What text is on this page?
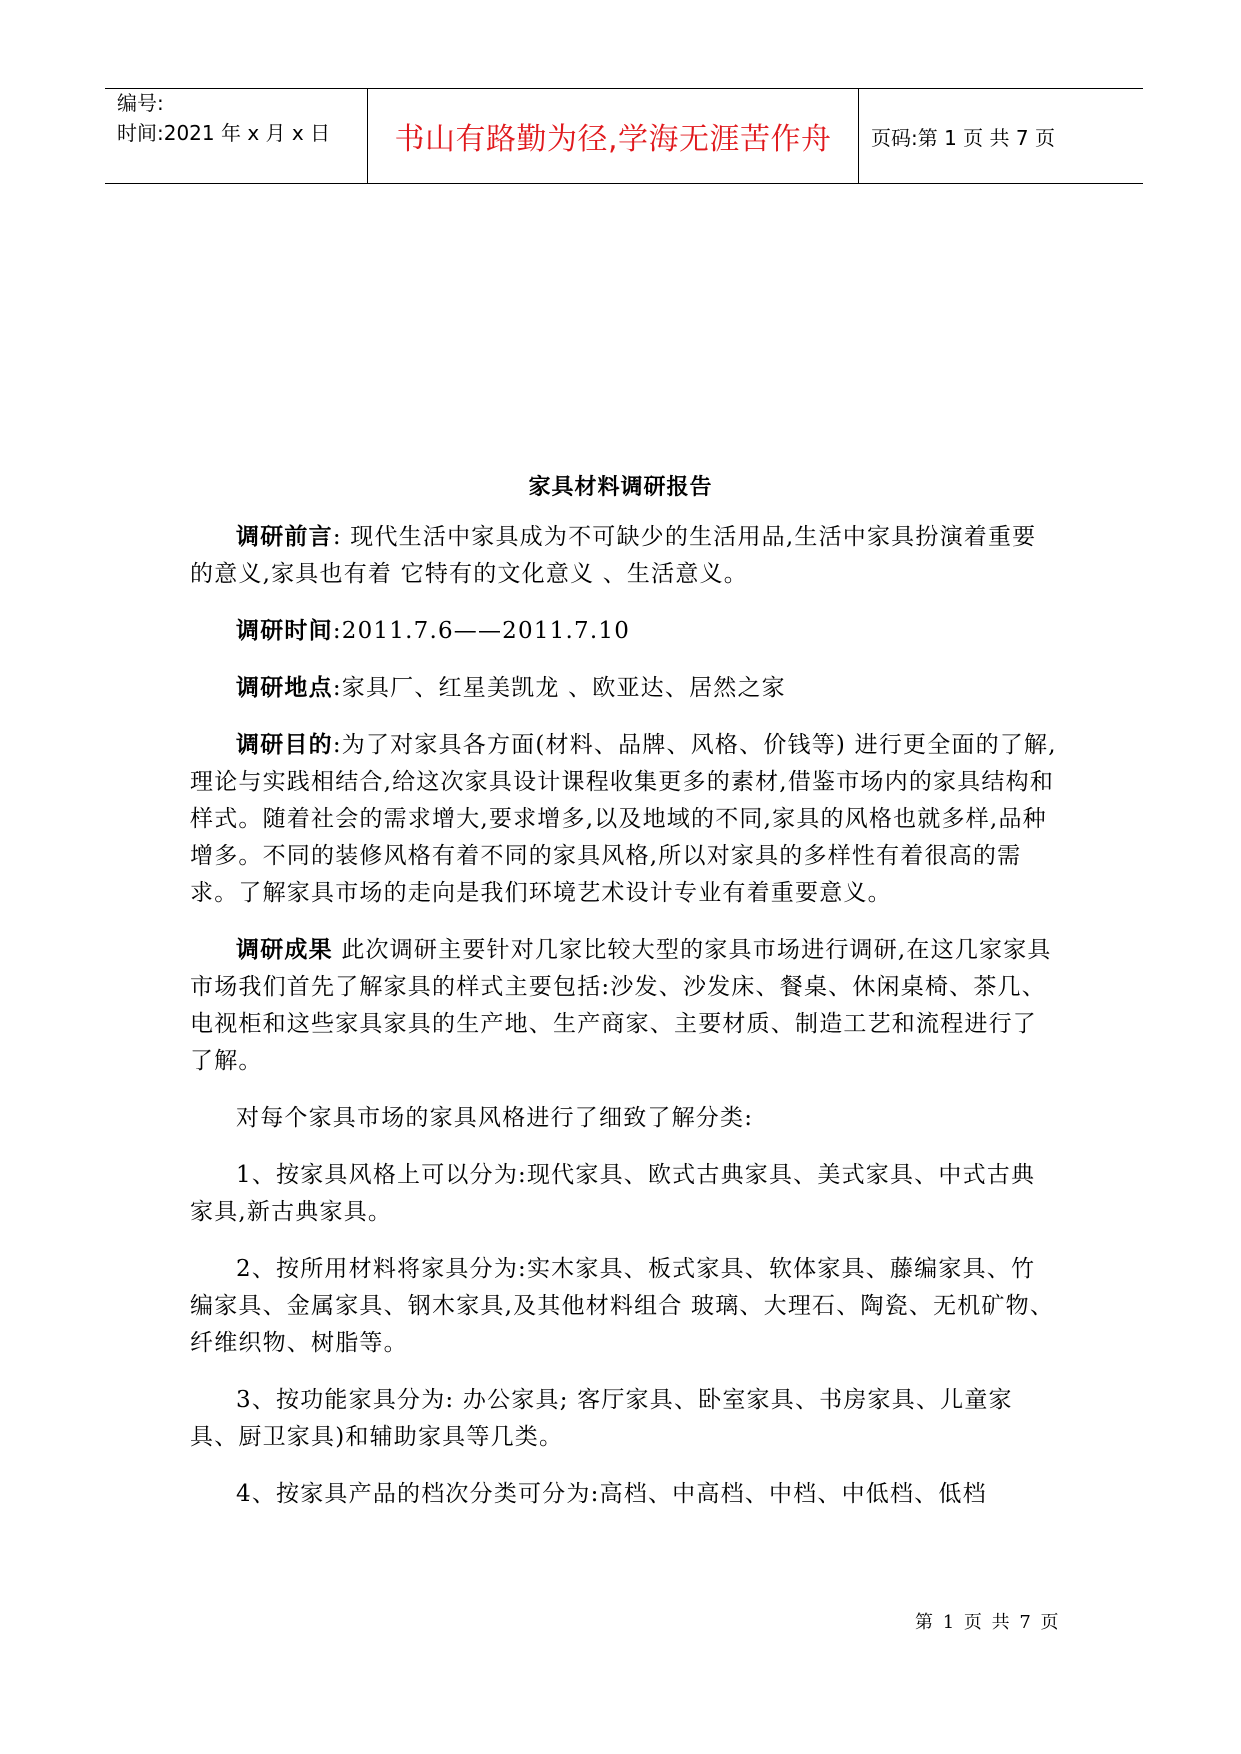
编号:
时间:2021 年 x 月 x 日 书山有路勤为径,学海无涯苦作舟 页码:第 1 页 共 7 页
家具材料调研报告

调研前言: 现代生活中家具成为不可缺少的生活用品,生活中家具扮演着重要的意义,家具也有着 它特有的文化意义 、生活意义。

调研时间:2011.7.6——2011.7.10

调研地点:家具厂、红星美凯龙 、欧亚达、居然之家

调研目的:为了对家具各方面(材料、品牌、风格、价钱等) 进行更全面的了解,理论与实践相结合,给这次家具设计课程收集更多的素材,借鉴市场内的家具结构和样式。随着社会的需求增大,要求增多,以及地域的不同,家具的风格也就多样,品种增多。不同的装修风格有着不同的家具风格,所以对家具的多样性有着很高的需求。了解家具市场的走向是我们环境艺术设计专业有着重要意义。

调研成果 此次调研主要针对几家比较大型的家具市场进行调研,在这几家家具市场我们首先了解家具的样式主要包括:沙发、沙发床、餐桌、休闲桌椅、茶几、电视柜和这些家具家具的生产地、生产商家、主要材质、制造工艺和流程进行了了解。

对每个家具市场的家具风格进行了细致了解分类:

1、按家具风格上可以分为:现代家具、欧式古典家具、美式家具、中式古典家具,新古典家具。

2、按所用材料将家具分为:实木家具、板式家具、软体家具、藤编家具、竹编家具、金属家具、钢木家具,及其他材料组合 玻璃、大理石、陶瓷、无机矿物、纤维织物、树脂等。

3、按功能家具分为: 办公家具; 客厅家具、卧室家具、书房家具、儿童家具、厨卫家具)和辅助家具等几类。

4、按家具产品的档次分类可分为:高档、中高档、中档、中低档、低档

第 1 页 共 7 页
